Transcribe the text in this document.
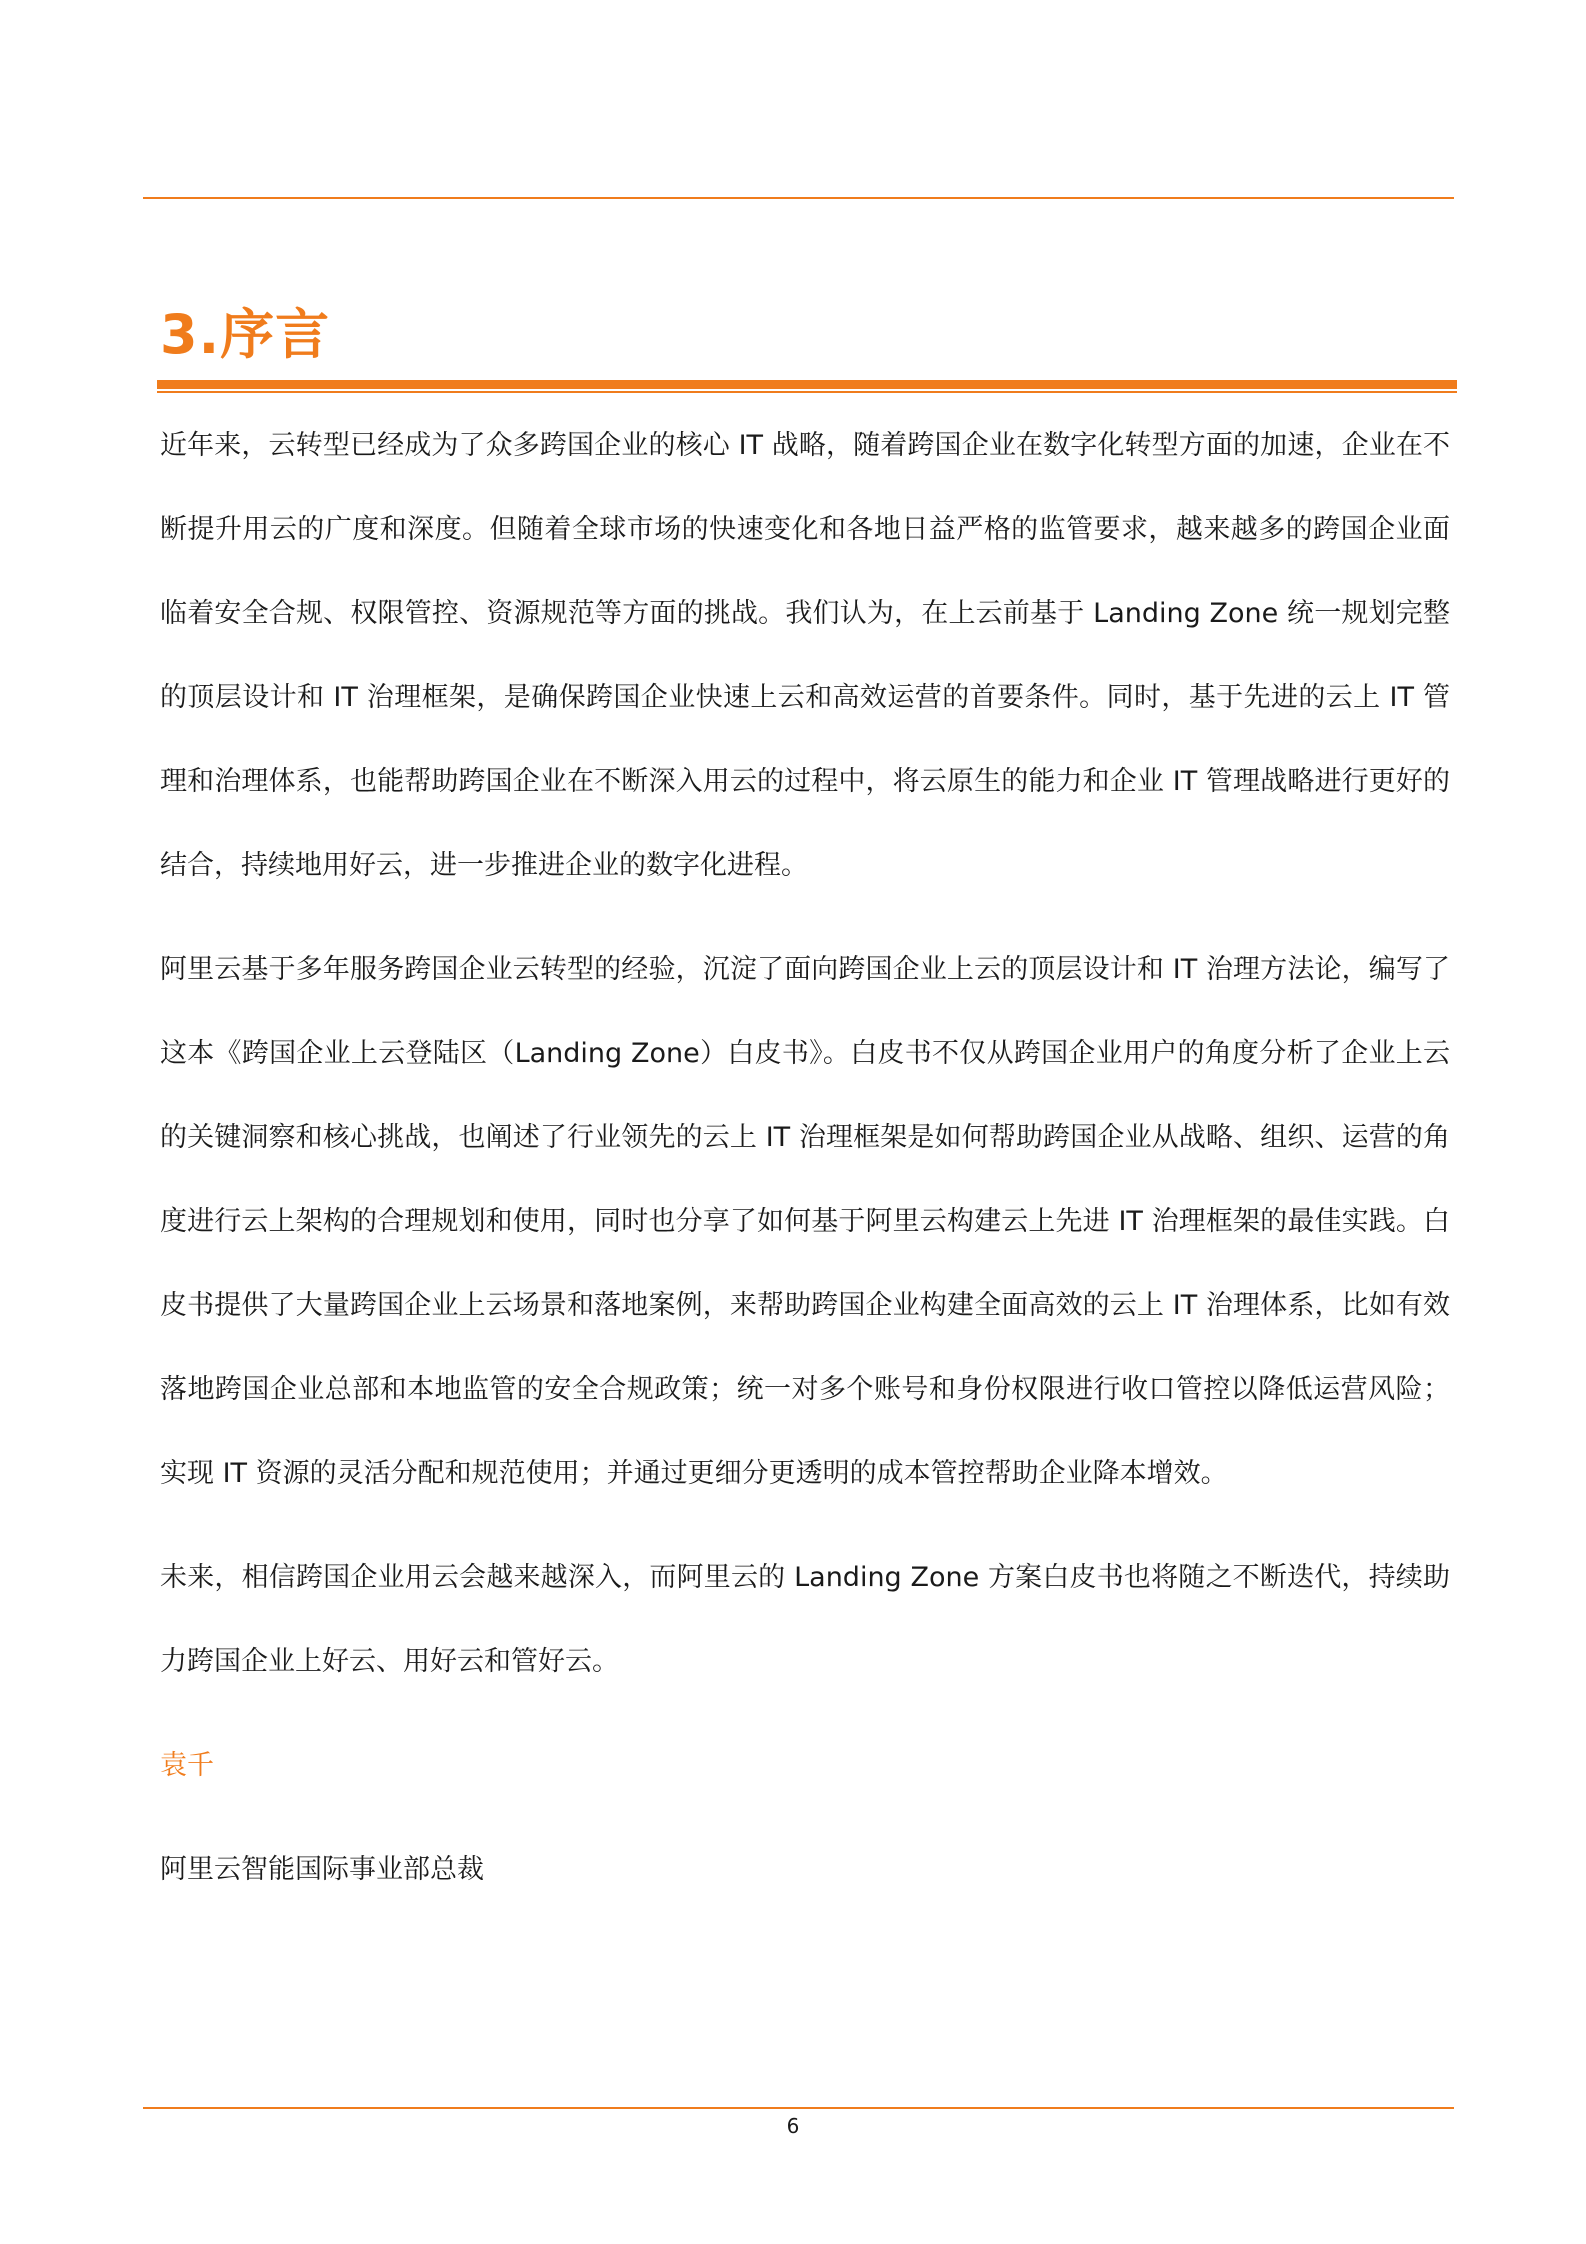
3.序言

近年来，云转型已经成为了众多跨国企业的核心 IT 战略，随着跨国企业在数字化转型方面的加速，企业在不断提升用云的广度和深度。但随着全球市场的快速变化和各地日益严格的监管要求，越来越多的跨国企业面临着安全合规、权限管控、资源规范等方面的挑战。我们认为，在上云前基于 Landing Zone 统一规划完整的顶层设计和 IT 治理框架，是确保跨国企业快速上云和高效运营的首要条件。同时，基于先进的云上 IT 管理和治理体系，也能帮助跨国企业在不断深入用云的过程中，将云原生的能力和企业 IT 管理战略进行更好的结合，持续地用好云，进一步推进企业的数字化进程。

阿里云基于多年服务跨国企业云转型的经验，沉淀了面向跨国企业上云的顶层设计和 IT 治理方法论，编写了这本《跨国企业上云登陆区（Landing Zone）白皮书》。白皮书不仅从跨国企业用户的角度分析了企业上云的关键洞察和核心挑战，也阐述了行业领先的云上 IT 治理框架是如何帮助跨国企业从战略、组织、运营的角度进行云上架构的合理规划和使用，同时也分享了如何基于阿里云构建云上先进 IT 治理框架的最佳实践。白皮书提供了大量跨国企业上云场景和落地案例，来帮助跨国企业构建全面高效的云上 IT 治理体系，比如有效落地跨国企业总部和本地监管的安全合规政策；统一对多个账号和身份权限进行收口管控以降低运营风险；实现 IT 资源的灵活分配和规范使用；并通过更细分更透明的成本管控帮助企业降本增效。

未来，相信跨国企业用云会越来越深入，而阿里云的 Landing Zone 方案白皮书也将随之不断迭代，持续助力跨国企业上好云、用好云和管好云。

袁千

阿里云智能国际事业部总裁

6
